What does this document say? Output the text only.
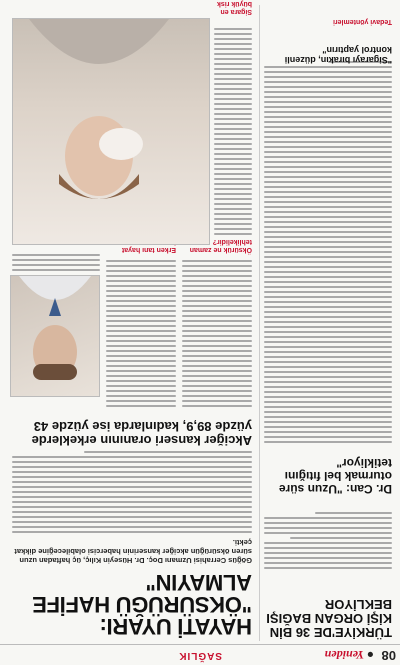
08
● Yeniden
SAĞLIK
TÜRKİYE'DE 36 BİN KİŞİ ORGAN BAĞIŞI BEKLİYOR
Dr. Can: "Uzun süre oturmak bel fıtığını tetikliyor"
HAYATİ UYARI: "ÖKSÜRÜĞÜ HAFİFE ALMAYIN"
Göğüs Cerrahisi Uzmanı Doç. Dr. Hüseyin Kılıç, üç haftadan uzun süren öksürüğün akciğer kanserinin habercisi olabileceğine dikkat çekti.
Akciğer kanseri oranının erkeklerde yüzde 89,9, kadınlarda ise yüzde 43
Öksürük ne zaman tehlikelidir?
Erken tanı hayat
Sigara en büyük risk
"Sigarayı bırakın, düzenli kontrol yaptırın"
Tedavi yöntemleri
